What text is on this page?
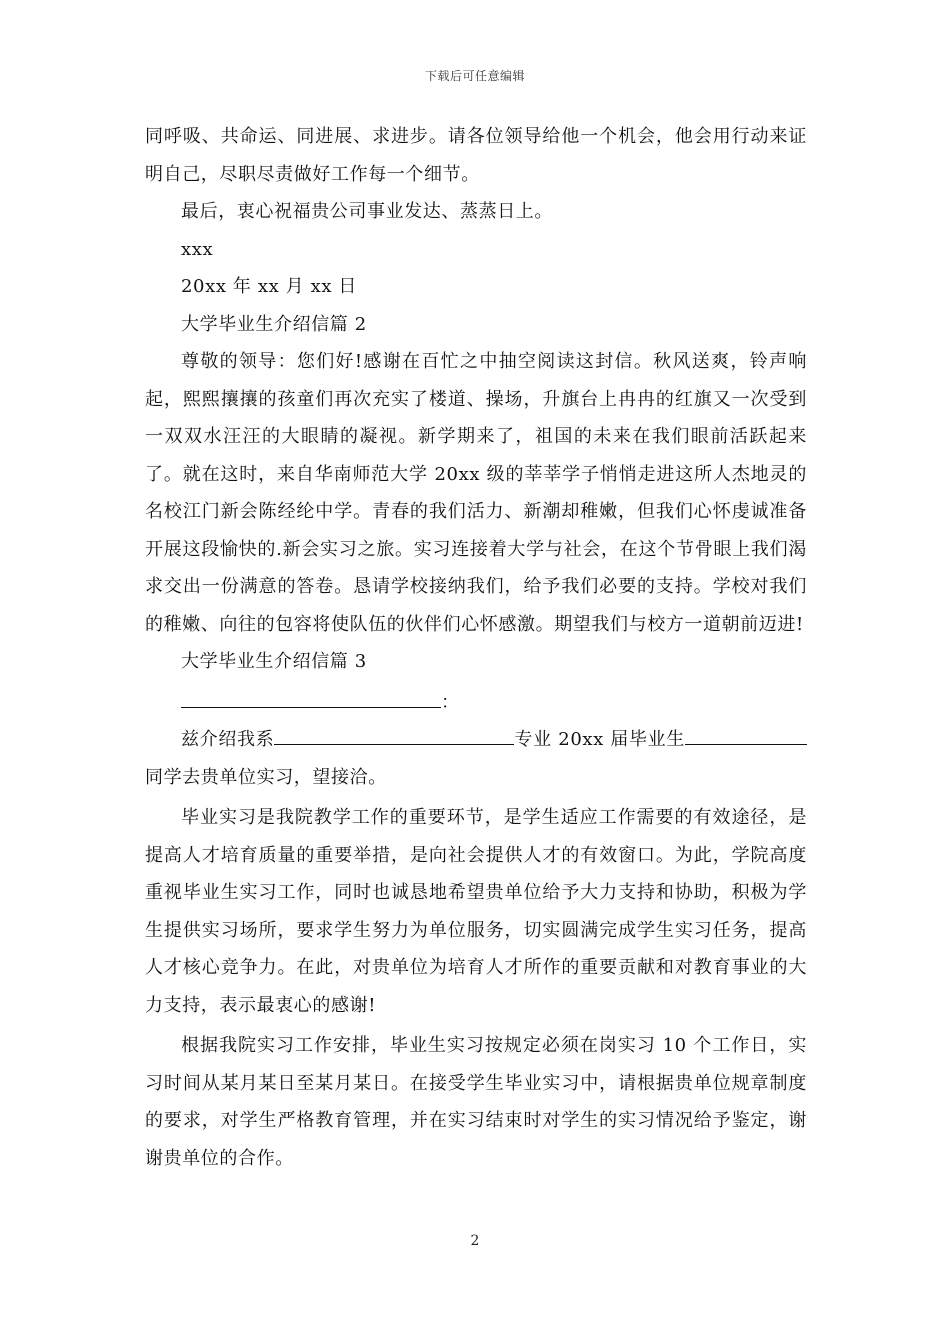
下载后可任意编辑

同呼吸、共命运、同进展、求进步。请各位领导给他一个机会，他会用行动来证明自己，尽职尽责做好工作每一个细节。

最后，衷心祝福贵公司事业发达、蒸蒸日上。

xxx

20xx 年 xx 月 xx 日

大学毕业生介绍信篇 2

尊敬的领导：您们好!感谢在百忙之中抽空阅读这封信。秋风送爽，铃声响起，熙熙攘攘的孩童们再次充实了楼道、操场，升旗台上冉冉的红旗又一次受到一双双水汪汪的大眼睛的凝视。新学期来了，祖国的未来在我们眼前活跃起来了。就在这时，来自华南师范大学 20xx 级的莘莘学子悄悄走进这所人杰地灵的名校江门新会陈经纶中学。青春的我们活力、新潮却稚嫩，但我们心怀虔诚准备开展这段愉快的.新会实习之旅。实习连接着大学与社会，在这个节骨眼上我们渴求交出一份满意的答卷。恳请学校接纳我们，给予我们必要的支持。学校对我们的稚嫩、向往的包容将使队伍的伙伴们心怀感激。期望我们与校方一道朝前迈进!

大学毕业生介绍信篇 3

：

兹介绍我系	专业 20xx 届毕业生同学去贵单位实习，望接洽。

毕业实习是我院教学工作的重要环节，是学生适应工作需要的有效途径，是提高人才培育质量的重要举措，是向社会提供人才的有效窗口。为此，学院高度重视毕业生实习工作，同时也诚恳地希望贵单位给予大力支持和协助，积极为学生提供实习场所，要求学生努力为单位服务，切实圆满完成学生实习任务，提高人才核心竞争力。在此，对贵单位为培育人才所作的重要贡献和对教育事业的大力支持，表示最衷心的感谢!

根据我院实习工作安排，毕业生实习按规定必须在岗实习 10 个工作日，实习时间从某月某日至某月某日。在接受学生毕业实习中，请根据贵单位规章制度的要求，对学生严格教育管理，并在实习结束时对学生的实习情况给予鉴定，谢谢贵单位的合作。

2
